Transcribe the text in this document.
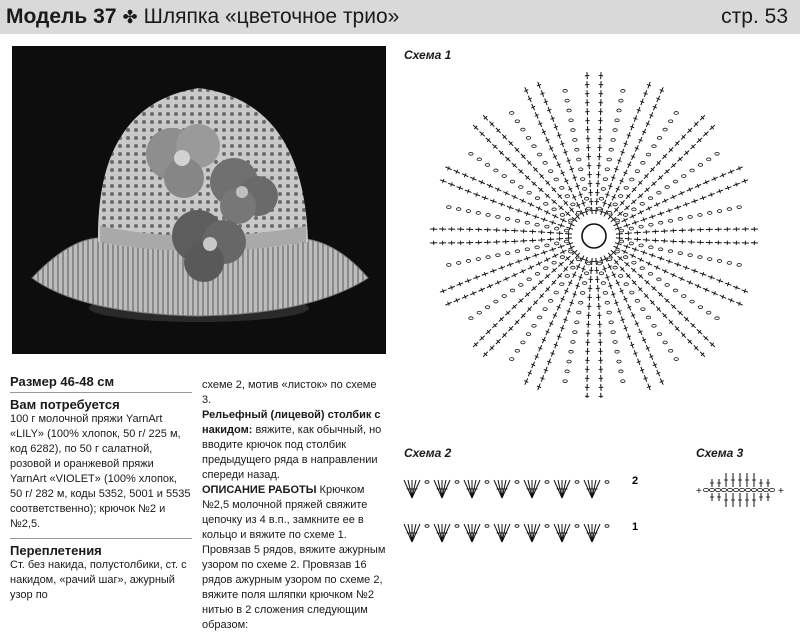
Модель 37 ✤ Шляпка «цветочное трио»	стр. 53
Размер 46-48 см
Вам потребуется
100 г молочной пряжи YarnArt «LILY» (100% хлопок, 50 г/ 225 м, код 6282), по 50 г салатной, розовой и оранжевой пряжи YarnArt «VIOLET» (100% хлопок, 50 г/ 282 м, коды 5352, 5001 и 5535 соответственно); крючок №2 и №2,5.
Переплетения
Ст. без накида, полустолбики, ст. с накидом, «рачий шаг», ажурный узор по
схеме 2, мотив «листок» по схеме 3.
Рельефный (лицевой) столбик с накидом: вяжите, как обычный, но вводите крючок под столбик предыдущего ряда в направлении спереди назад.
ОПИСАНИЕ РАБОТЫ Крючком №2,5 молочной пряжей свяжите цепочку из 4 в.п., замкните ее в кольцо и вяжите по схеме 1. Провязав 5 рядов, вяжите ажурным узором по схеме 2. Провязав 16 рядов ажурным узором по схеме 2, вяжите поля шляпки крючком №2 нитью в 2 сложения следующим образом:
Схема 1
Схема 2
2
1
Схема 3
+	+
